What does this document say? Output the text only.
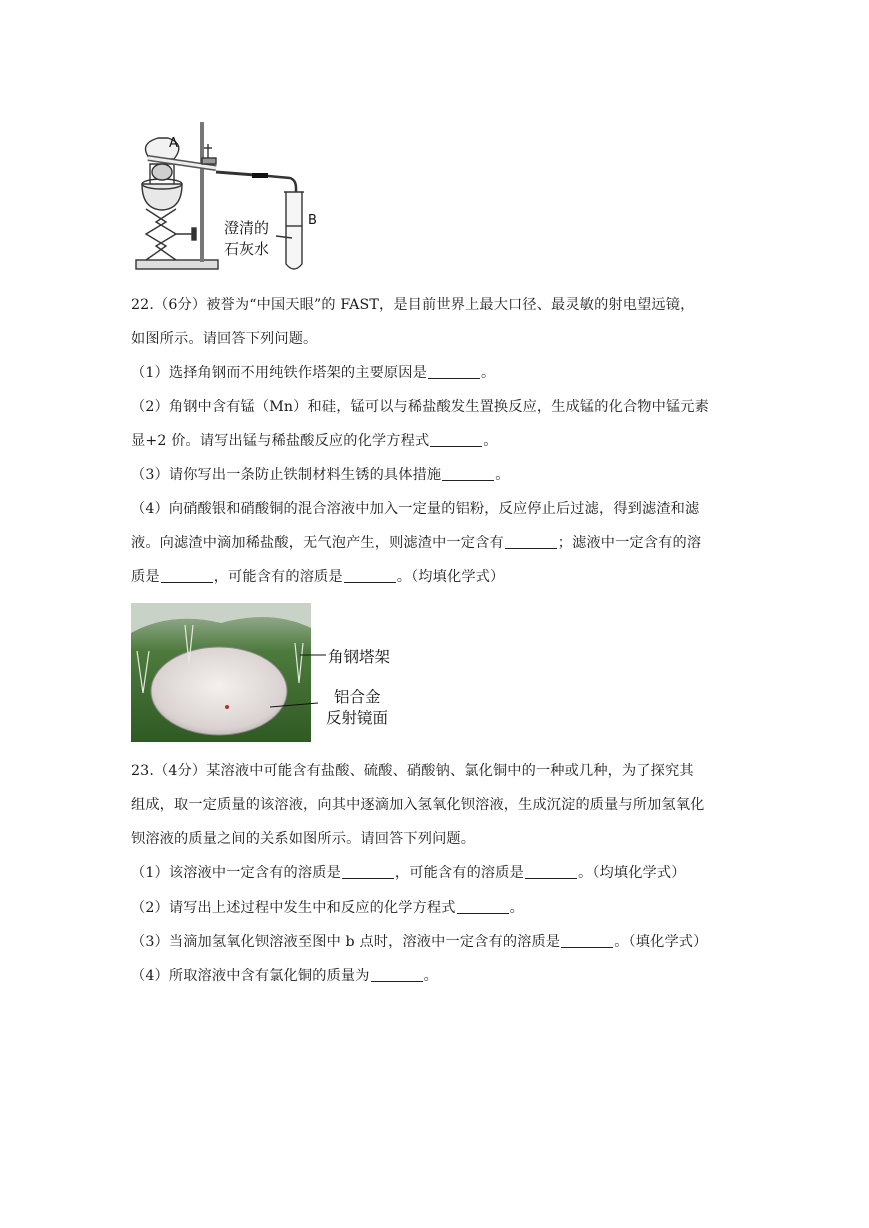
A
B
澄清的
石灰水
22.（6分）被誉为“中国天眼”的 FAST，是目前世界上最大口径、最灵敏的射电望远镜，
如图所示。请回答下列问题。
（1）选择角钢而不用纯铁作塔架的主要原因是	。
（2）角钢中含有锰（Mn）和硅，锰可以与稀盐酸发生置换反应，生成锰的化合物中锰元素
显+2 价。请写出锰与稀盐酸反应的化学方程式	。
（3）请你写出一条防止铁制材料生锈的具体措施	。
（4）向硝酸银和硝酸铜的混合溶液中加入一定量的铝粉，反应停止后过滤，得到滤渣和滤
液。向滤渣中滴加稀盐酸，无气泡产生，则滤渣中一定含有	；滤液中一定含有的溶
质是	，可能含有的溶质是	。（均填化学式）
角钢塔架
铝合金
反射镜面
23.（4分）某溶液中可能含有盐酸、硫酸、硝酸钠、氯化铜中的一种或几种，为了探究其
组成，取一定质量的该溶液，向其中逐滴加入氢氧化钡溶液，生成沉淀的质量与所加氢氧化
钡溶液的质量之间的关系如图所示。请回答下列问题。
（1）该溶液中一定含有的溶质是	，可能含有的溶质是	。（均填化学式）
（2）请写出上述过程中发生中和反应的化学方程式	。
（3）当滴加氢氧化钡溶液至图中 b 点时，溶液中一定含有的溶质是	。（填化学式）
（4）所取溶液中含有氯化铜的质量为	。
